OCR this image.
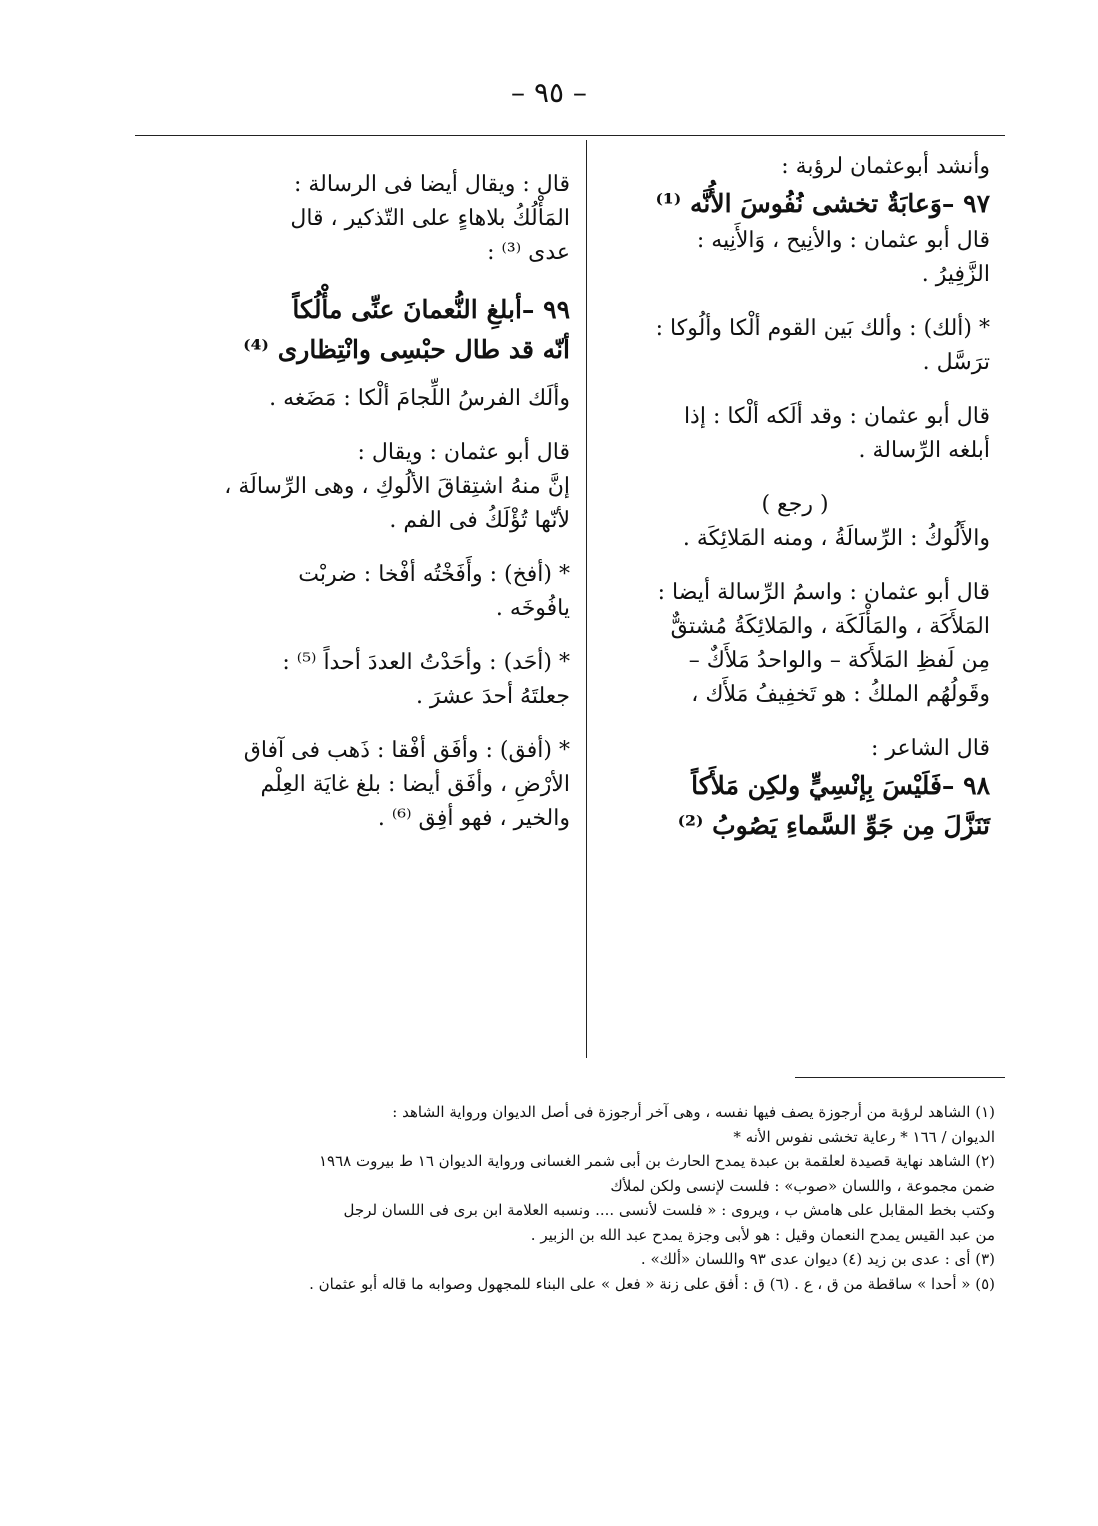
– ٩٥ –
وأنشد أبوعثمان لرؤبة :
٩٧ –وَعابَةٌ تخشى نُفُوسَ الأُنَّه ⁽¹⁾
قال أبو عثمان : والأنِيح ، وَالأَنِيه :
الزَّفِيرُ .
* (ألك) : وألك بَين القوم ألْكا وألُوكا :
ترَسَّل .
قال أبو عثمان : وقد ألَكه ألْكا : إذا
أبلغه الرِّسالة .
( رجع )
والأَلُوكُ : الرِّسالَةُ ، ومنه المَلائِكَة .
قال أبو عثمان : واسمُ الرِّسالة أيضا :
المَلأَكَة ، والمَأْلَكَة ، والمَلائِكَةُ مُشتقٌّ
مِن لَفظِ المَلأَكة – والواحدُ مَلأَكٌ –
وقَولُهُم الملكُ : هو تَخفِيفُ مَلأَك ،
قال الشاعر :
٩٨ –فَلَيْسَ بِإنْسِيٍّ ولكِن مَلأَكاً
تَنَزَّلَ مِن جَوِّ السَّماءِ يَصُوبُ ⁽²⁾
قال : ويقال أيضا فى الرسالة :
المَأْلُكُ بلاهاءٍ على التّذكير ، قال
عدى ⁽³⁾ :
٩٩ –أبلغِ النُّعمانَ عنِّى مأْلُكاً
أنّه قد طال حبْسِى وانْتِظارى ⁽⁴⁾
وألَك الفرسُ اللِّجامَ ألْكا : مَضَغه .
قال أبو عثمان : ويقال :
إنَّ منهُ اشتِقاقَ الألُوكِ ، وهى الرِّسالَة ،
لأنّها تُؤْلَكُ فى الفم .
* (أفخ) : وأَفَخْتُه أفْخا : ضربْت
يافُوخَه .
* (أحَد) : وأحَدْتُ العددَ أحداً ⁽⁵⁾ :
جعلتَهُ أحدَ عشرَ .
* (أفق) : وأفَق أفْقا : ذَهب فى آفاق
الأرْضِ ، وأفَق أيضا : بلغ غايَة العِلْم
والخير ، فهو أفِق ⁽⁶⁾ .

(١) الشاهد لرؤبة من أرجوزة يصف فيها نفسه ، وهى آخر أرجوزة فى أصل الديوان ورواية الشاهد :

الديوان / ١٦٦ * رعاية تخشى نفوس الأنه *

(٢) الشاهد نهاية قصيدة لعلقمة بن عبدة يمدح الحارث بن أبى شمر الغسانى ورواية الديوان ١٦ ط بيروت ١٩٦٨

ضمن مجموعة ، واللسان «صوب» : فلست لإنسى ولكن لملأك

وكتب بخط المقابل على هامش ب ، ويروى : « فلست لأنسى .... ونسبه العلامة ابن برى فى اللسان لرجل

من عبد القيس يمدح النعمان وقيل : هو لأبى وجزة يمدح عبد الله بن الزبير .

(٣) أى : عدى بن زيد (٤) ديوان عدى ٩٣ واللسان «ألك» .

(٥) « أحدا » ساقطة من ق ، ع . (٦) ق : أفق على زنة « فعل » على البناء للمجهول وصوابه ما قاله أبو عثمان .
